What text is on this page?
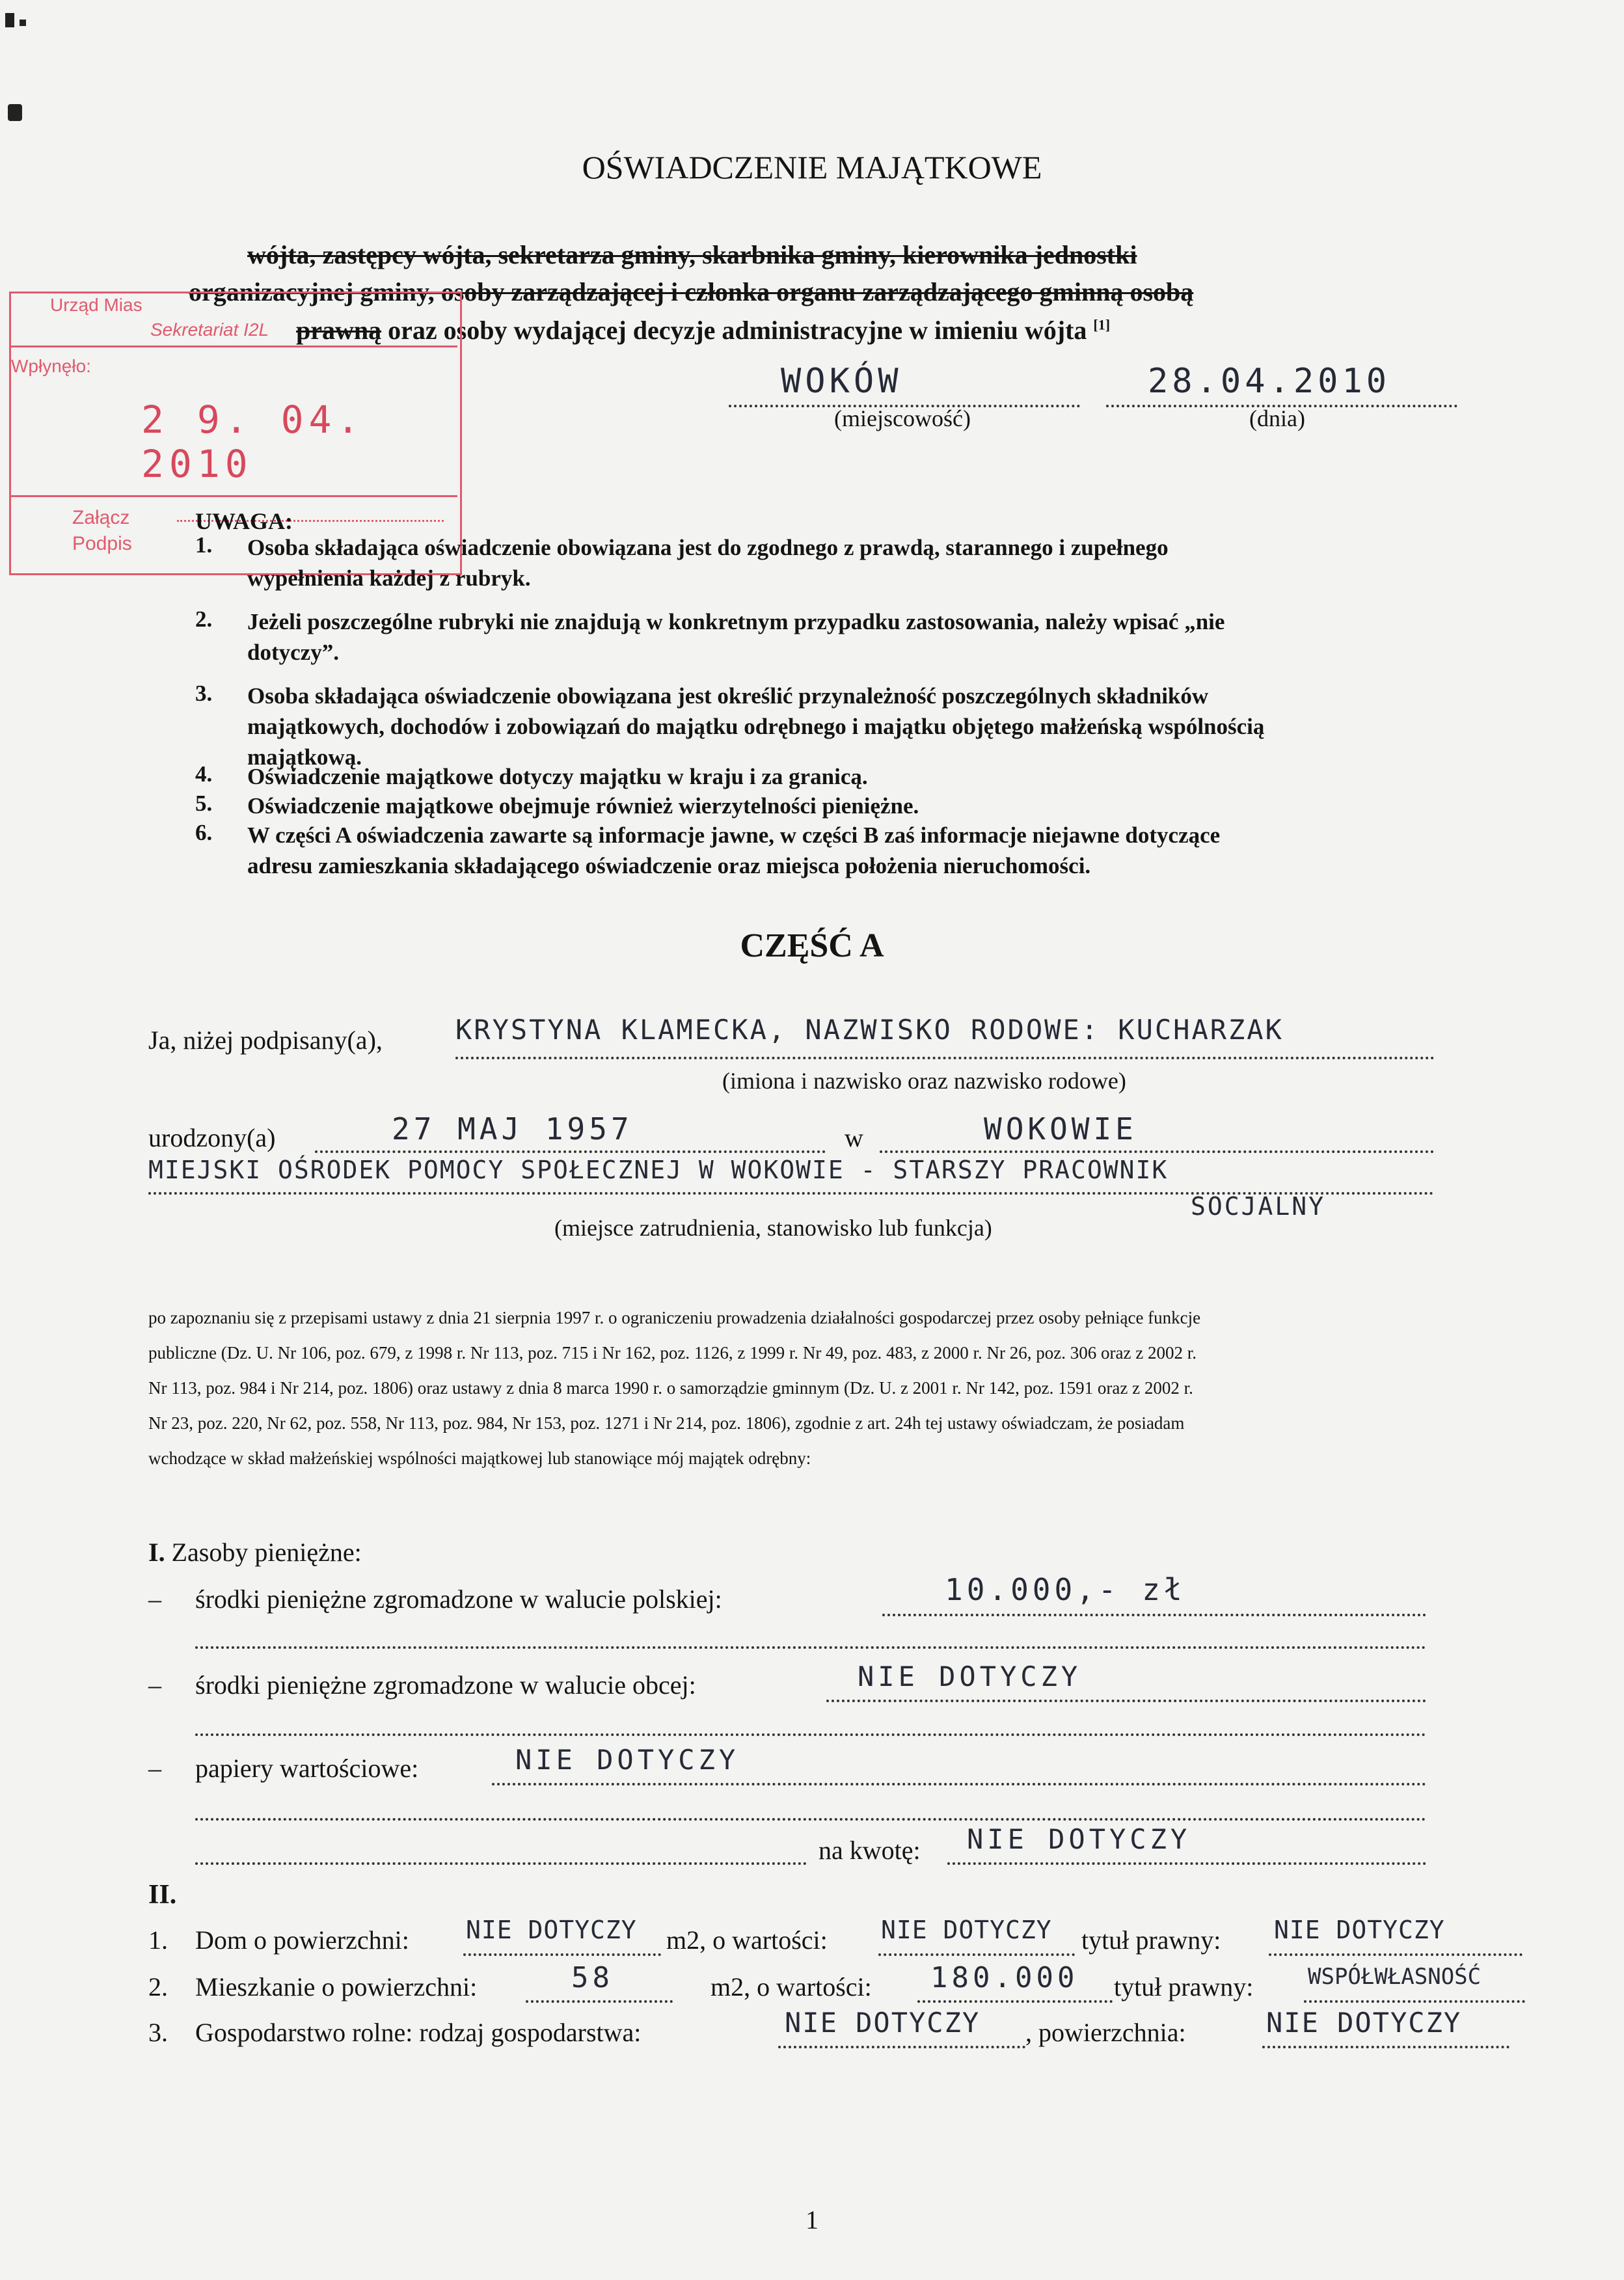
OŚWIADCZENIE MAJĄTKOWE
wójta, zastępcy wójta, sekretarza gminy, skarbnika gminy, kierownika jednostki
organizacyjnej gminy, osoby zarządzającej i członka organu zarządzającego gminną osobą
prawną oraz osoby wydającej decyzje administracyjne w imieniu wójta [1]
Urząd Mias
Sekretariat I2L
Wpłynęło:
2 9. 04. 2010
Załącz
Podpis
WOKÓW	28.04.2010
(miejscowość)	(dnia)
UWAGA:
1. Osoba składająca oświadczenie obowiązana jest do zgodnego z prawdą, starannego i zupełnego
wypełnienia każdej z rubryk.
2. Jeżeli poszczególne rubryki nie znajdują w konkretnym przypadku zastosowania, należy wpisać „nie
dotyczy”.
3. Osoba składająca oświadczenie obowiązana jest określić przynależność poszczególnych składników
majątkowych, dochodów i zobowiązań do majątku odrębnego i majątku objętego małżeńską wspólnością
majątkową.
4. Oświadczenie majątkowe dotyczy majątku w kraju i za granicą.
5. Oświadczenie majątkowe obejmuje również wierzytelności pieniężne.
6. W części A oświadczenia zawarte są informacje jawne, w części B zaś informacje niejawne dotyczące
adresu zamieszkania składającego oświadczenie oraz miejsca położenia nieruchomości.
CZĘŚĆ A
Ja, niżej podpisany(a),	KRYSTYNA KLAMECKA, NAZWISKO RODOWE: KUCHARZAK
(imiona i nazwisko oraz nazwisko rodowe)
urodzony(a)	27 MAJ 1957	w	WOKOWIE
MIEJSKI OŚRODEK POMOCY SPOŁECZNEJ W WOKOWIE - STARSZY PRACOWNIK
SOCJALNY
(miejsce zatrudnienia, stanowisko lub funkcja)
po zapoznaniu się z przepisami ustawy z dnia 21 sierpnia 1997 r. o ograniczeniu prowadzenia działalności gospodarczej przez osoby pełniące funkcje
publiczne (Dz. U. Nr 106, poz. 679, z 1998 r. Nr 113, poz. 715 i Nr 162, poz. 1126, z 1999 r. Nr 49, poz. 483, z 2000 r. Nr 26, poz. 306 oraz z 2002 r.
Nr 113, poz. 984 i Nr 214, poz. 1806) oraz ustawy z dnia 8 marca 1990 r. o samorządzie gminnym (Dz. U. z 2001 r. Nr 142, poz. 1591 oraz z 2002 r.
Nr 23, poz. 220, Nr 62, poz. 558, Nr 113, poz. 984, Nr 153, poz. 1271 i Nr 214, poz. 1806), zgodnie z art. 24h tej ustawy oświadczam, że posiadam
wchodzące w skład małżeńskiej wspólności majątkowej lub stanowiące mój majątek odrębny:
I. Zasoby pieniężne:
– środki pieniężne zgromadzone w walucie polskiej:	10.000,- zł
– środki pieniężne zgromadzone w walucie obcej:	NIE DOTYCZY
– papiery wartościowe:	NIE DOTYCZY
na kwotę: NIE DOTYCZY
II.
1. Dom o powierzchni: NIE DOTYCZY m2, o wartości: NIE DOTYCZY tytuł prawny: NIE DOTYCZY
2. Mieszkanie o powierzchni:	58	m2, o wartości: 180.000 tytuł prawny: WSPÓŁWŁASNOŚĆ
3. Gospodarstwo rolne: rodzaj gospodarstwa:	NIE DOTYCZY , powierzchnia:	NIE DOTYCZY
1
